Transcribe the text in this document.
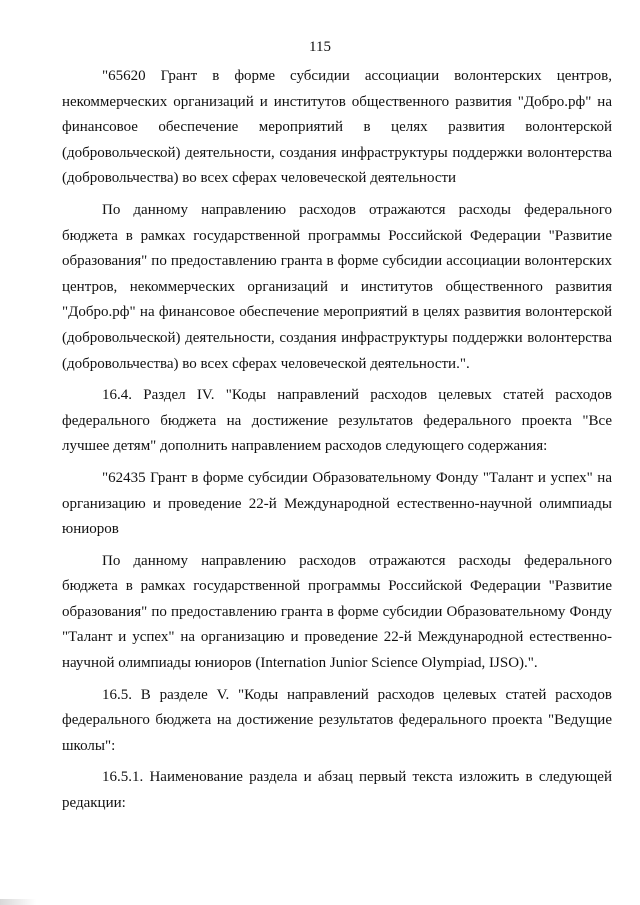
115

"65620 Грант в форме субсидии ассоциации волонтерских центров, некоммерческих организаций и институтов общественного развития "Добро.рф" на финансовое обеспечение мероприятий в целях развития волонтерской (добровольческой) деятельности, создания инфраструктуры поддержки волонтерства (добровольчества) во всех сферах человеческой деятельности

По данному направлению расходов отражаются расходы федерального бюджета в рамках государственной программы Российской Федерации "Развитие образования" по предоставлению гранта в форме субсидии ассоциации волонтерских центров, некоммерческих организаций и институтов общественного развития "Добро.рф" на финансовое обеспечение мероприятий в целях развития волонтерской (добровольческой) деятельности, создания инфраструктуры поддержки волонтерства (добровольчества) во всех сферах человеческой деятельности.".

16.4. Раздел IV. "Коды направлений расходов целевых статей расходов федерального бюджета на достижение результатов федерального проекта "Все лучшее детям" дополнить направлением расходов следующего содержания:

"62435 Грант в форме субсидии Образовательному Фонду "Талант и успех" на организацию и проведение 22-й Международной естественно-научной олимпиады юниоров

По данному направлению расходов отражаются расходы федерального бюджета в рамках государственной программы Российской Федерации "Развитие образования" по предоставлению гранта в форме субсидии Образовательному Фонду "Талант и успех" на организацию и проведение 22-й Международной естественно-научной олимпиады юниоров (Internation Junior Science Olympiad, IJSO).".

16.5. В разделе V. "Коды направлений расходов целевых статей расходов федерального бюджета на достижение результатов федерального проекта "Ведущие школы":

16.5.1. Наименование раздела и абзац первый текста изложить в следующей редакции:
